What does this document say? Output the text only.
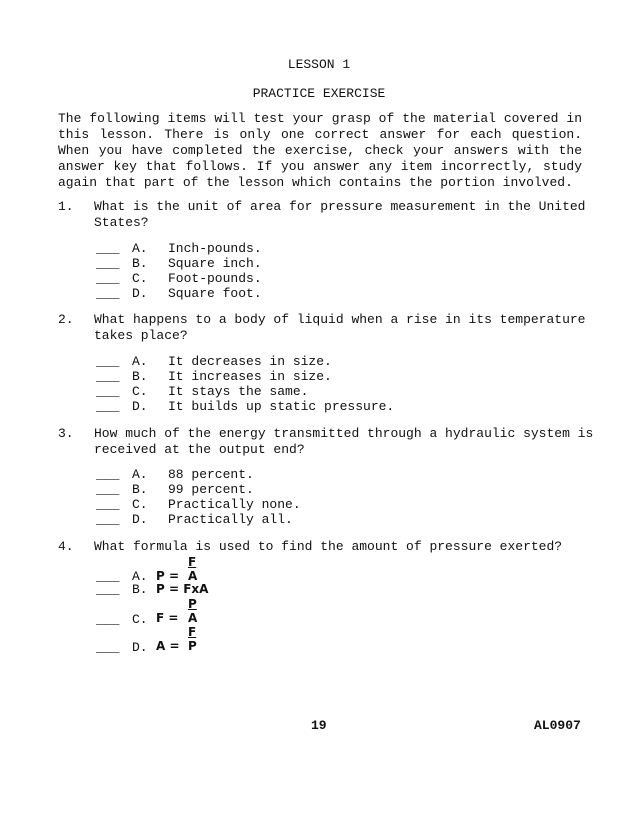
LESSON 1
PRACTICE EXERCISE
The following items will test your grasp of the material covered in
this lesson. There is only one correct answer for each question.
When you have completed the exercise, check your answers with the
answer key that follows. If you answer any item incorrectly, study
again that part of the lesson which contains the portion involved.
1. What is the unit of area for pressure measurement in the United
States?
___ A. Inch-pounds.
___ B. Square inch.
___ C. Foot-pounds.
___ D. Square foot.
2. What happens to a body of liquid when a rise in its temperature
takes place?
___ A. It decreases in size.
___ B. It increases in size.
___ C. It stays the same.
___ D. It builds up static pressure.
3. How much of the energy transmitted through a hydraulic system is
received at the output end?
___ A. 88 percent.
___ B. 99 percent.
___ C. Practically none.
___ D. Practically all.
4. What formula is used to find the amount of pressure exerted?
F
___ A. P = A
___ B. P = FxA
P
___ C. F = A
F
___ D. A = P
19	AL0907
